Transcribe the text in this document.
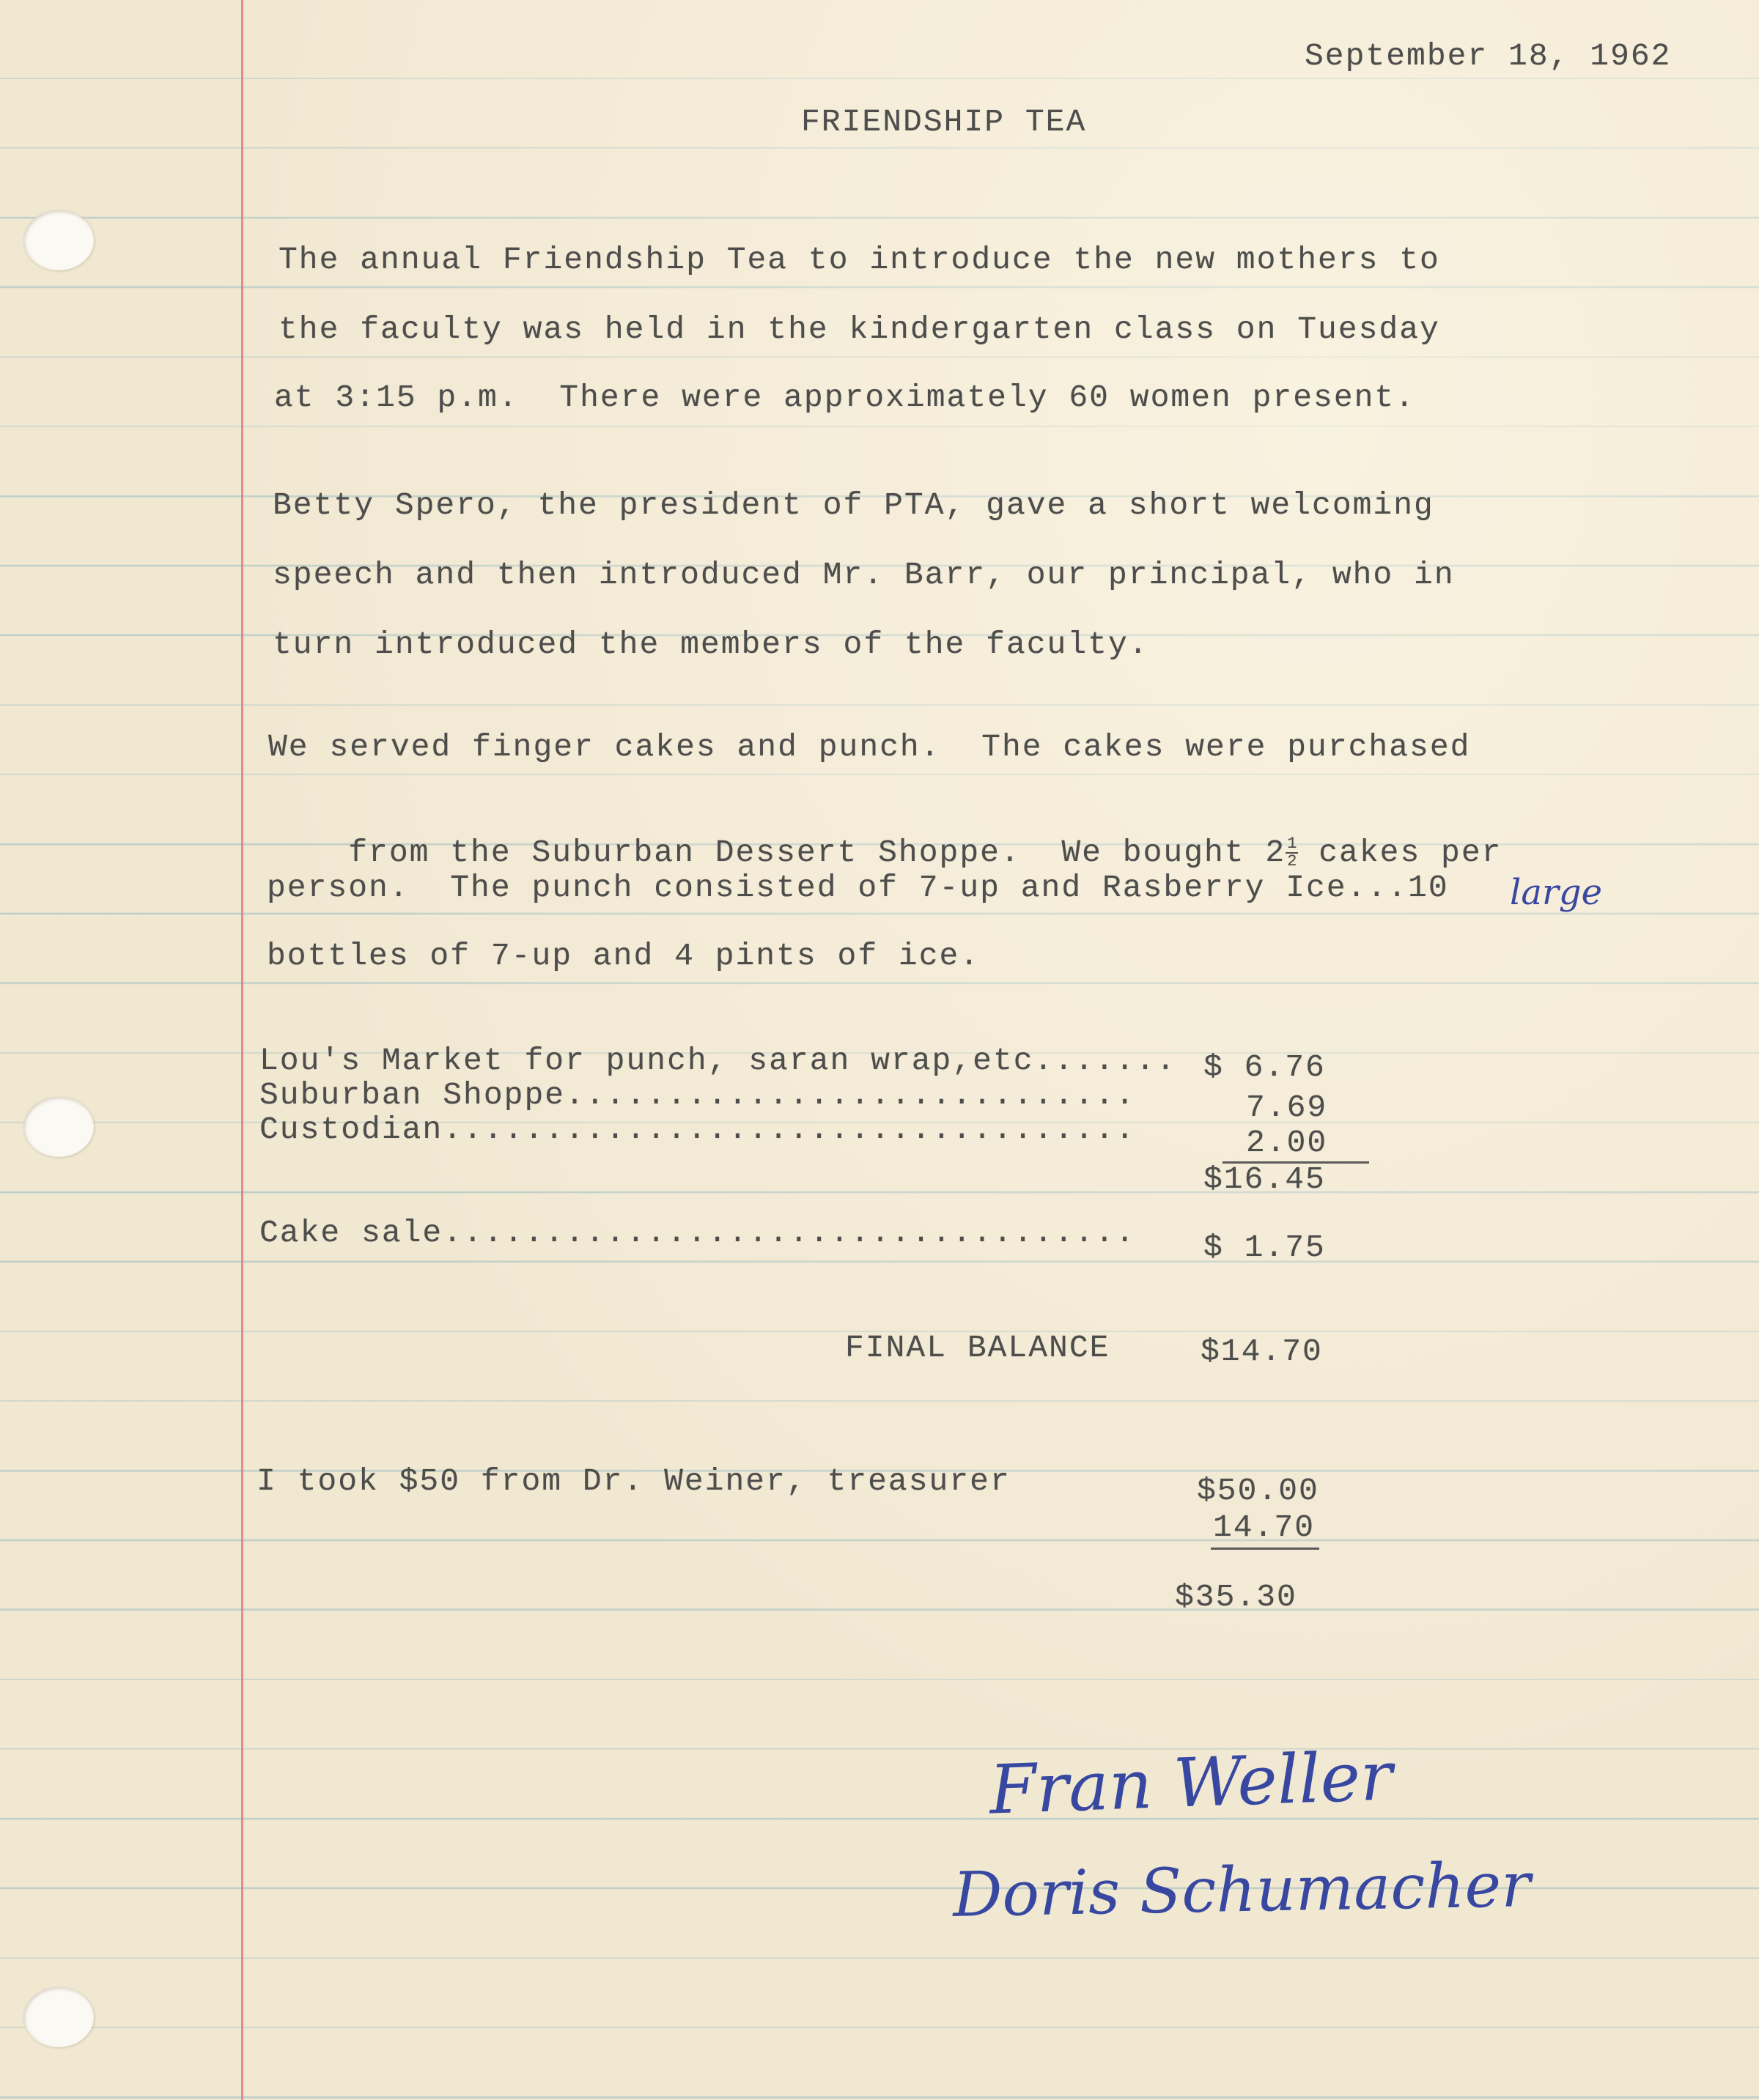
September 18, 1962
FRIENDSHIP TEA
The annual Friendship Tea to introduce the new mothers to
the faculty was held in the kindergarten class on Tuesday
at 3:15 p.m.  There were approximately 60 women present.
Betty Spero, the president of PTA, gave a short welcoming
speech and then introduced Mr. Barr, our principal, who in
turn introduced the members of the faculty.
We served finger cakes and punch.  The cakes were purchased

from the Suburban Dessert Shoppe.  We bought $2 \frac{1}{2}$ cakes per

person.  The punch consisted of 7-up and Rasberry Ice...10 large
bottles of 7-up and 4 pints of ice.
Lou's Market for punch, saran wrap,etc....... $ 6.76
Suburban Shoppe............................	7.69
Custodian..................................	2.00
$16.45
Cake sale.................................. $ 1.75
FINAL BALANCE	$14.70
I took $50 from Dr. Weiner, treasurer	$50.00
14.70
$35.30
Fran Weller
Doris Schumacher
